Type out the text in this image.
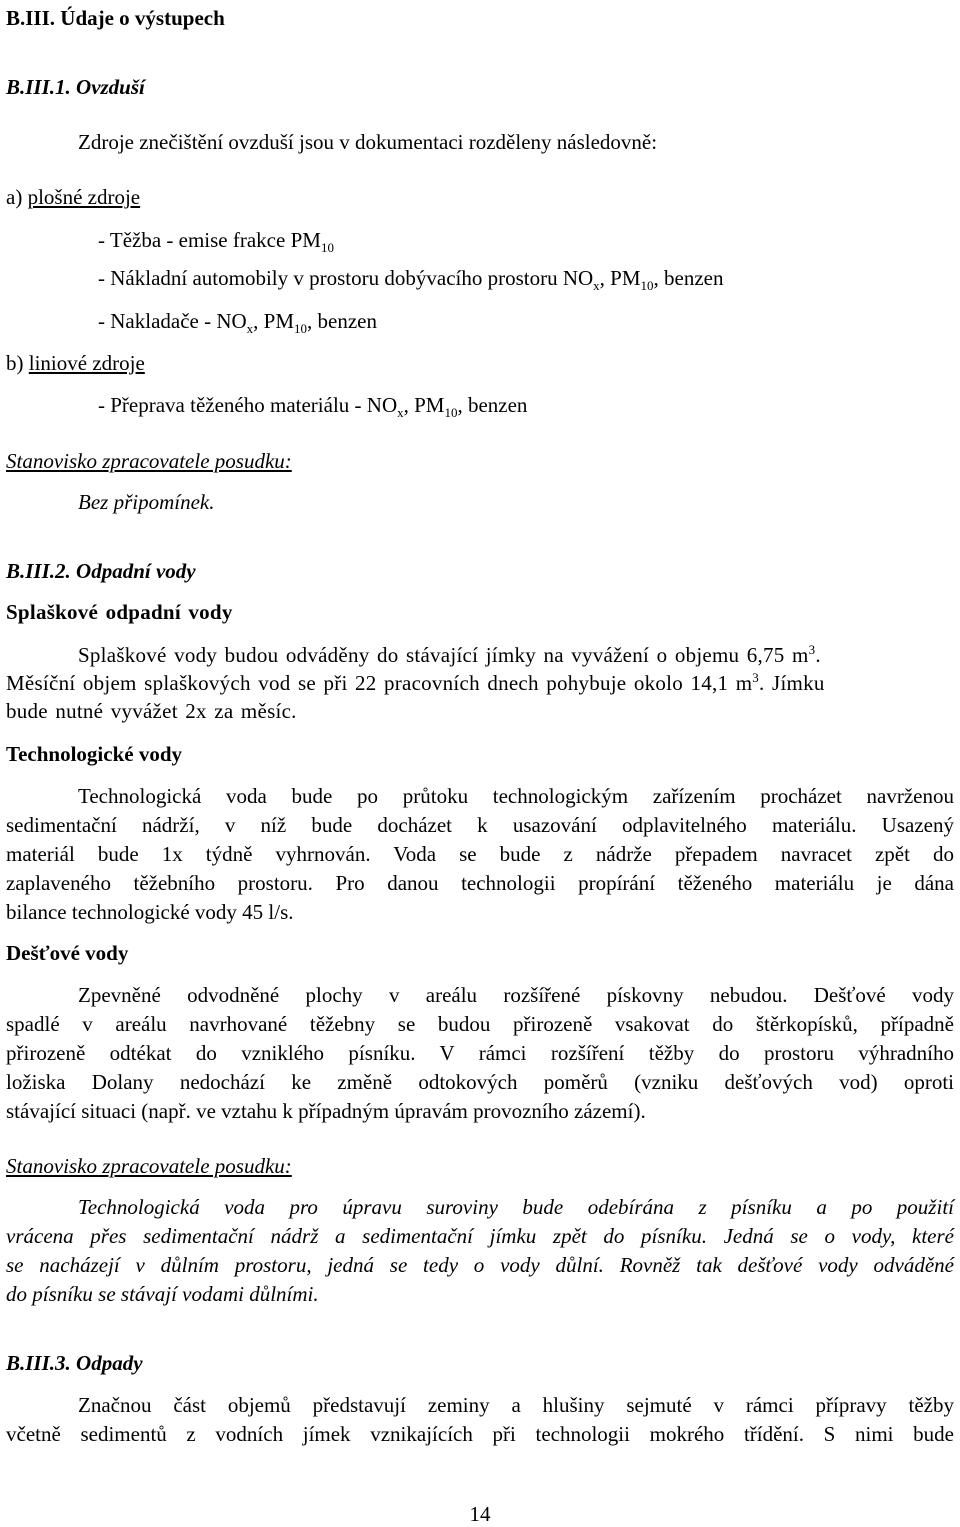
B.III. Údaje o výstupech
B.III.1. Ovzduší
Zdroje znečištění ovzduší jsou v dokumentaci rozděleny následovně:
a) plošné zdroje
- Těžba - emise frakce $PM_{10}$
- Nákladní automobily v prostoru dobývacího prostoru $NO_x$, $PM_{10}$, benzen
- Nakladače - $NO_x$, $PM_{10}$, benzen
b) liniové zdroje
- Přeprava těženého materiálu - $NO_x$, $PM_{10}$, benzen
Stanovisko zpracovatele posudku:
Bez připomínek.
B.III.2. Odpadní vody
Splaškové odpadní vody
Splaškové vody budou odváděny do stávající jímky na vyvážení o objemu 6,75 $m^3$.
Měsíční objem splaškových vod se při 22 pracovních dnech pohybuje okolo 14,1 $m^3$. Jímku
bude nutné vyvážet 2x za měsíc.
Technologické vody
Technologická voda bude po průtoku technologickým zařízením procházet navrženou
sedimentační nádrží, v níž bude docházet k usazování odplavitelného materiálu. Usazený
materiál bude 1x týdně vyhrnován. Voda se bude z nádrže přepadem navracet zpět do
zaplaveného těžebního prostoru. Pro danou technologii propírání těženého materiálu je dána
bilance technologické vody 45 l/s.
Dešťové vody
Zpevněné odvodněné plochy v areálu rozšířené pískovny nebudou. Dešťové vody
spadlé v areálu navrhované těžebny se budou přirozeně vsakovat do štěrkopísků, případně
přirozeně odtékat do vzniklého písníku. V rámci rozšíření těžby do prostoru výhradního
ložiska Dolany nedochází ke změně odtokových poměrů (vzniku dešťových vod) oproti
stávající situaci (např. ve vztahu k případným úpravám provozního zázemí).
Stanovisko zpracovatele posudku:
Technologická voda pro úpravu suroviny bude odebírána z písníku a po použití
vrácena přes sedimentační nádrž a sedimentační jímku zpět do písníku. Jedná se o vody, které
se nacházejí v důlním prostoru, jedná se tedy o vody důlní. Rovněž tak dešťové vody odváděné
do písníku se stávají vodami důlními.
B.III.3. Odpady
Značnou část objemů představují zeminy a hlušiny sejmuté v rámci přípravy těžby
včetně sedimentů z vodních jímek vznikajících při technologii mokrého třídění. S nimi bude
14
